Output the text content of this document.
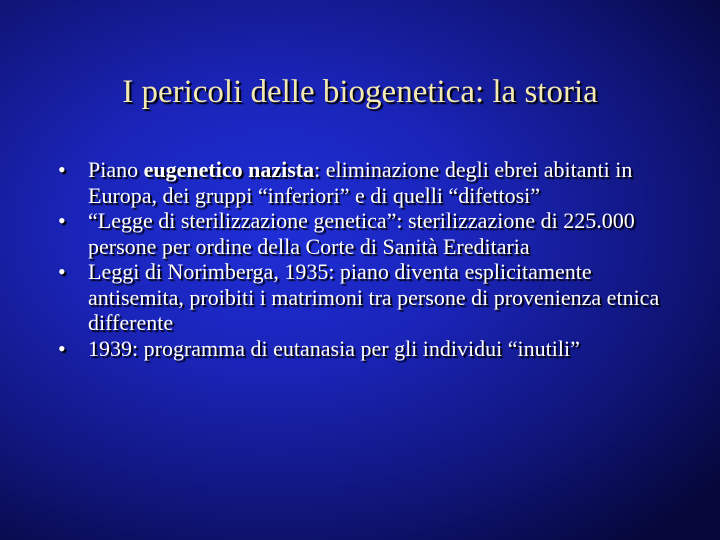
I pericoli delle biogenetica: la storia
•	Piano eugenetico nazista: eliminazione degli ebrei abitanti in Europa, dei gruppi “inferiori” e di quelli “difettosi”
•	“Legge di sterilizzazione genetica”: sterilizzazione di 225.000 persone per ordine della Corte di Sanità Ereditaria
•	Leggi di Norimberga, 1935: piano diventa esplicitamente antisemita, proibiti i matrimoni tra persone di provenienza etnica differente
•	1939: programma di eutanasia per gli individui “inutili”
